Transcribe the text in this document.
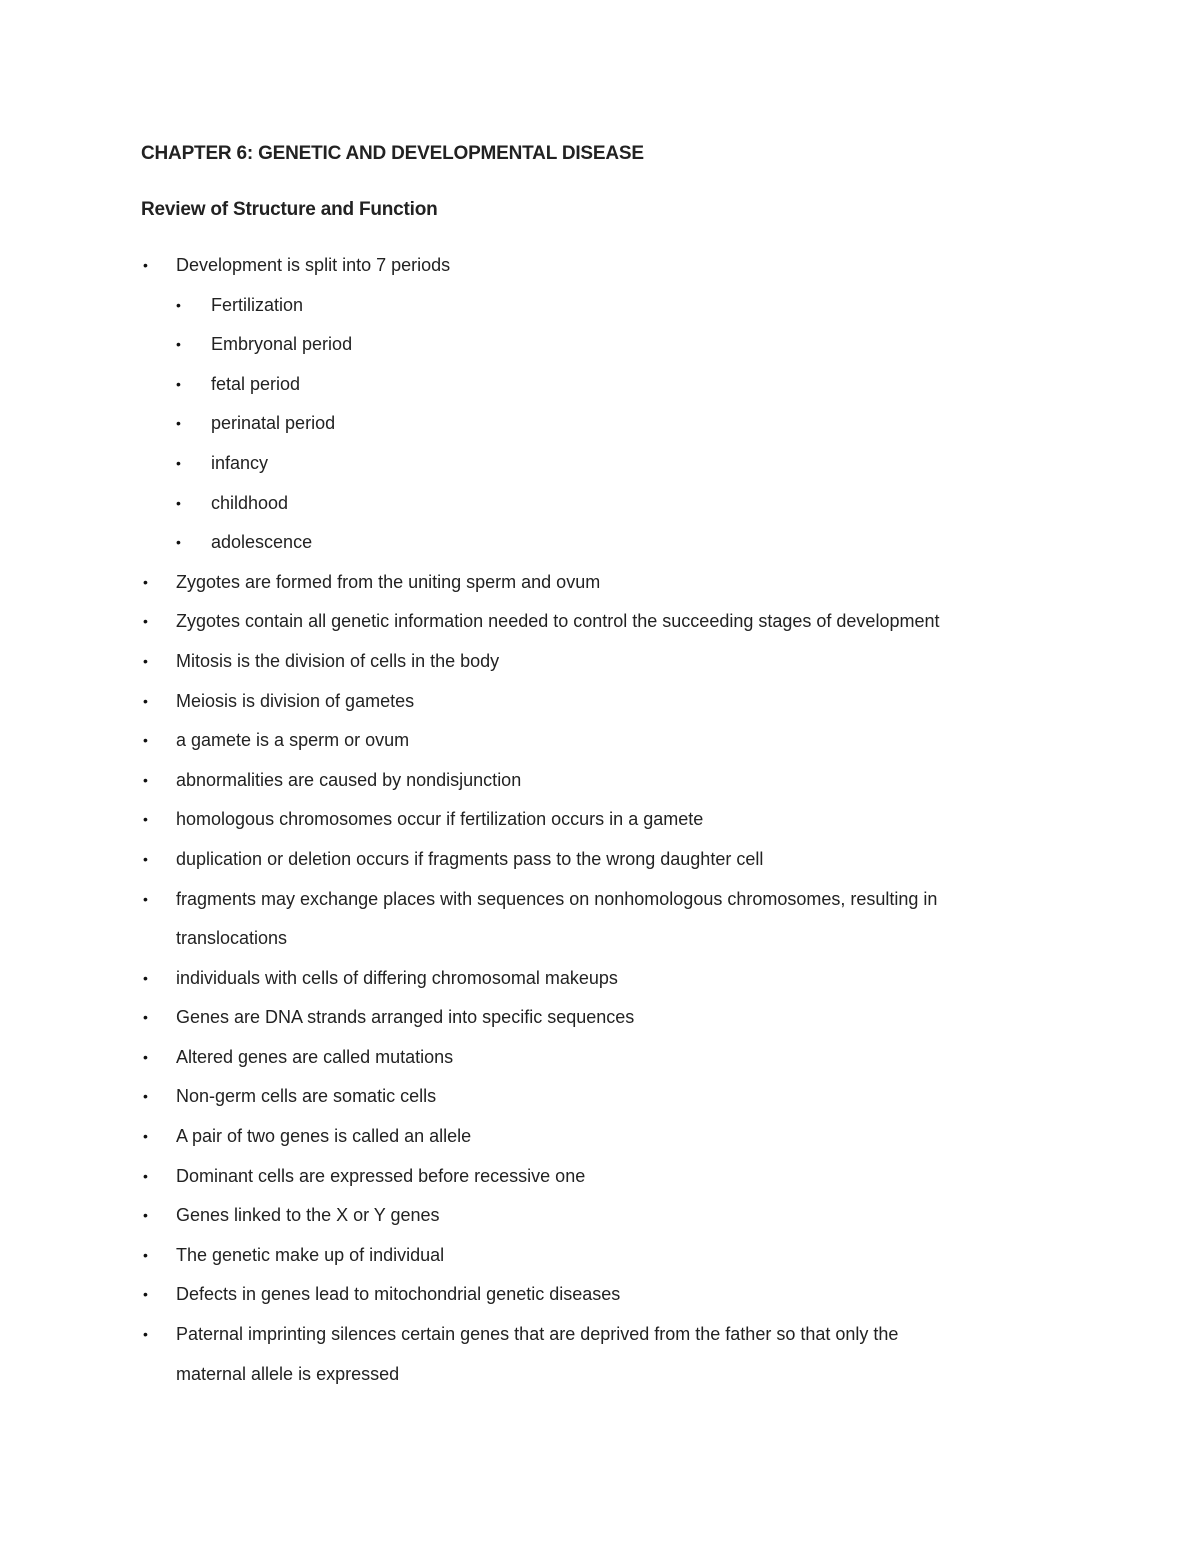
CHAPTER 6: GENETIC AND DEVELOPMENTAL DISEASE
Review of Structure and Function
• Development is split into 7 periods
• Fertilization
• Embryonal period
• fetal period
• perinatal period
• infancy
• childhood
• adolescence
• Zygotes are formed from the uniting sperm and ovum
• Zygotes contain all genetic information needed to control the succeeding stages of development
• Mitosis is the division of cells in the body
• Meiosis is division of gametes
• a gamete is a sperm or ovum
• abnormalities are caused by nondisjunction
• homologous chromosomes occur if fertilization occurs in a gamete
• duplication or deletion occurs if fragments pass to the wrong daughter cell
• fragments may exchange places with sequences on nonhomologous chromosomes, resulting in
translocations
• individuals with cells of differing chromosomal makeups
• Genes are DNA strands arranged into specific sequences
• Altered genes are called mutations
• Non-germ cells are somatic cells
• A pair of two genes is called an allele
• Dominant cells are expressed before recessive one
• Genes linked to the X or Y genes
• The genetic make up of individual
• Defects in genes lead to mitochondrial genetic diseases
• Paternal imprinting silences certain genes that are deprived from the father so that only the
maternal allele is expressed
